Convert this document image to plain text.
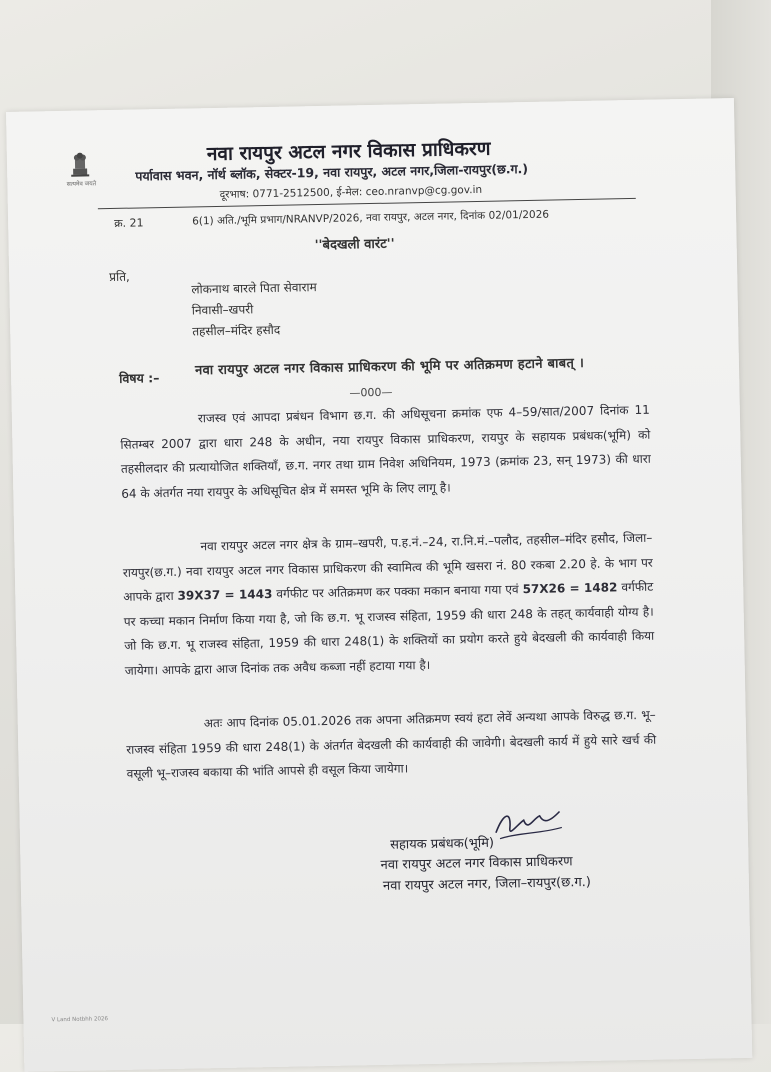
सत्यमेव जयते
नवा रायपुर अटल नगर विकास प्राधिकरण
पर्यावास भवन, नॉर्थ ब्लॉक, सेक्टर-19, नवा रायपुर, अटल नगर,जिला-रायपुर(छ.ग.)
दूरभाष: 0771-2512500, ई-मेल: ceo.nranvp@cg.gov.in
क्र. 21	6(1) अति./भूमि प्रभाग/NRANVP/2026, नवा रायपुर, अटल नगर, दिनांक 02/01/2026
''बेदखली वारंट''
प्रति,
लोकनाथ बारले पिता सेवाराम
निवासी–खपरी
तहसील–मंदिर हसौद
विषय :–	नवा रायपुर अटल नगर विकास प्राधिकरण की भूमि पर अतिक्रमण हटाने बाबत् ।
—000—

राजस्व एवं आपदा प्रबंधन विभाग छ.ग. की अधिसूचना क्रमांक एफ 4–59/सात/2007 दिनांक 11 सितम्बर 2007 द्वारा धारा 248 के अधीन, नया रायपुर विकास प्राधिकरण, रायपुर के सहायक प्रबंधक(भूमि) को तहसीलदार की प्रत्यायोजित शक्तियाँ, छ.ग. नगर तथा ग्राम निवेश अधिनियम, 1973 (क्रमांक 23, सन् 1973) की धारा 64 के अंतर्गत नया रायपुर के अधिसूचित क्षेत्र में समस्त भूमि के लिए लागू है।

नवा रायपुर अटल नगर क्षेत्र के ग्राम–खपरी, प.ह.नं.–24, रा.नि.मं.–पलौद, तहसील–मंदिर हसौद, जिला–रायपुर(छ.ग.) नवा रायपुर अटल नगर विकास प्राधिकरण की स्वामित्व की भूमि खसरा नं. 80 रकबा 2.20 हे. के भाग पर आपके द्वारा 39X37 = 1443 वर्गफीट पर अतिक्रमण कर पक्का मकान बनाया गया एवं 57X26 = 1482 वर्गफीट पर कच्चा मकान निर्माण किया गया है, जो कि छ.ग. भू राजस्व संहिता, 1959 की धारा 248 के तहत् कार्यवाही योग्य है। जो कि छ.ग. भू राजस्व संहिता, 1959 की धारा 248(1) के शक्तियों का प्रयोग करते हुये बेदखली की कार्यवाही किया जायेगा। आपके द्वारा आज दिनांक तक अवैध कब्जा नहीं हटाया गया है।

अतः आप दिनांक 05.01.2026 तक अपना अतिक्रमण स्वयं हटा लेवें अन्यथा आपके विरुद्ध छ.ग. भू–राजस्व संहिता 1959 की धारा 248(1) के अंतर्गत बेदखली की कार्यवाही की जावेगी। बेदखली कार्य में हुये सारे खर्च की वसूली भू–राजस्व बकाया की भांति आपसे ही वसूल किया जायेगा।

सहायक प्रबंधक(भूमि)
नवा रायपुर अटल नगर विकास प्राधिकरण
नवा रायपुर अटल नगर, जिला–रायपुर(छ.ग.)
V Land Notbhh 2026
